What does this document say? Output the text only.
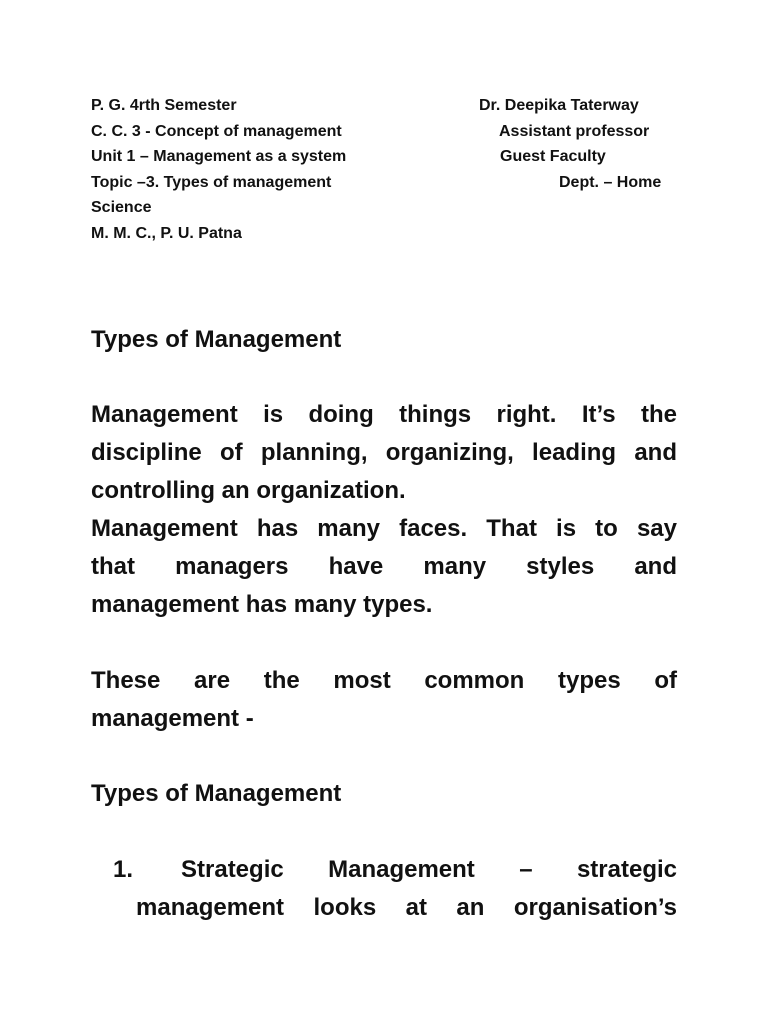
P. G. 4rth Semester
C. C. 3 - Concept of management
Unit 1 – Management as a system
Topic –3. Types of management
Science
M. M. C., P. U. Patna
Dr. Deepika Taterway
Assistant professor
Guest Faculty
Dept. – Home
Types of Management
Management is doing things right. It’s the
discipline of planning, organizing, leading and
controlling an organization.
Management has many faces. That is to say
that managers have many styles and
management has many types.
These are the most common types of
management -
Types of Management
1.	Strategic Management – strategic
management looks at an organisation’s
